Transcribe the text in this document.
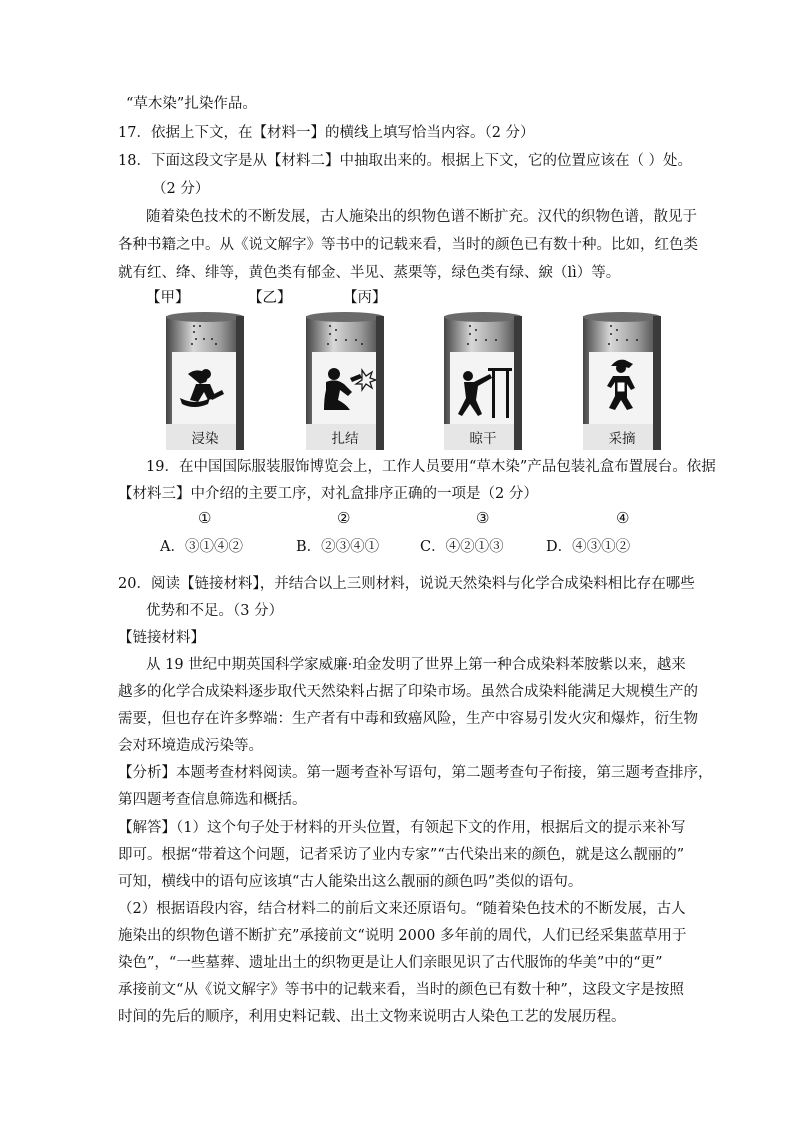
“草木染”扎染作品。
17．依据上下文，在【材料一】的横线上填写恰当内容。（2 分）
18．下面这段文字是从【材料二】中抽取出来的。根据上下文，它的位置应该在（ ）处。
（2 分）
随着染色技术的不断发展，古人施染出的织物色谱不断扩充。汉代的织物色谱，散见于
各种书籍之中。从《说文解字》等书中的记载来看，当时的颜色已有数十种。比如，红色类
就有红、绛、绯等，黄色类有郁金、半见、蒸栗等，绿色类有绿、綟（lì）等。
【甲】	【乙】	【丙】
浸染	扎结	晾干	采摘
19．在中国国际服装服饰博览会上，工作人员要用“草木染”产品包装礼盒布置展台。依据
【材料三】中介绍的主要工序，对礼盒排序正确的一项是（2 分）
①	②	③	④
A．③①④②	B．②③④①	C．④②①③	D．④③①②
20．阅读【链接材料】，并结合以上三则材料，说说天然染料与化学合成染料相比存在哪些
优势和不足。（3 分）
【链接材料】
从 19 世纪中期英国科学家威廉·珀金发明了世界上第一种合成染料苯胺紫以来，越来
越多的化学合成染料逐步取代天然染料占据了印染市场。虽然合成染料能满足大规模生产的
需要，但也存在许多弊端：生产者有中毒和致癌风险，生产中容易引发火灾和爆炸，衍生物
会对环境造成污染等。
【分析】本题考查材料阅读。第一题考查补写语句，第二题考查句子衔接，第三题考查排序，
第四题考查信息筛选和概括。
【解答】（1）这个句子处于材料的开头位置，有领起下文的作用，根据后文的提示来补写
即可。根据“带着这个问题，记者采访了业内专家”“古代染出来的颜色，就是这么靓丽的”
可知，横线中的语句应该填“古人能染出这么靓丽的颜色吗”类似的语句。
（2）根据语段内容，结合材料二的前后文来还原语句。“随着染色技术的不断发展，古人
施染出的织物色谱不断扩充”承接前文“说明 2000 多年前的周代，人们已经采集蓝草用于
染色”，“一些墓葬、遗址出土的织物更是让人们亲眼见识了古代服饰的华美”中的“更”
承接前文“从《说文解字》等书中的记载来看，当时的颜色已有数十种”，这段文字是按照
时间的先后的顺序，利用史料记载、出土文物来说明古人染色工艺的发展历程。
